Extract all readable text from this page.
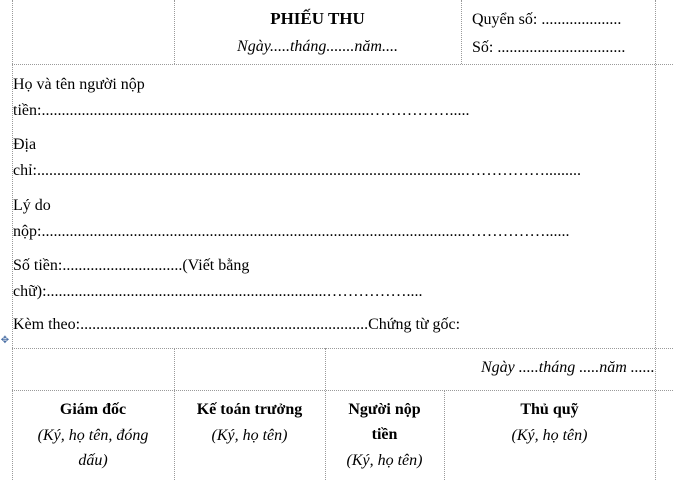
✥
PHIẾU THU
Ngày.....tháng.......năm....
Quyển số: ....................
Số: ................................
Họ và tên người nộp
tiền:..................................................................................…………….....
Địa
chỉ:...........................................................................................................…………….........
Lý do
nộp:..........................................................................................................……………......
Số tiền:..............................(Viết bằng
chữ):......................................................................……………....
Kèm theo:........................................................................Chứng từ gốc:
Ngày .....tháng .....năm ......
Giám đốc
(Ký, họ tên, đóng
dấu)
Kế toán trưởng
(Ký, họ tên)
Người nộp
tiền
(Ký, họ tên)
Thủ quỹ
(Ký, họ tên)
